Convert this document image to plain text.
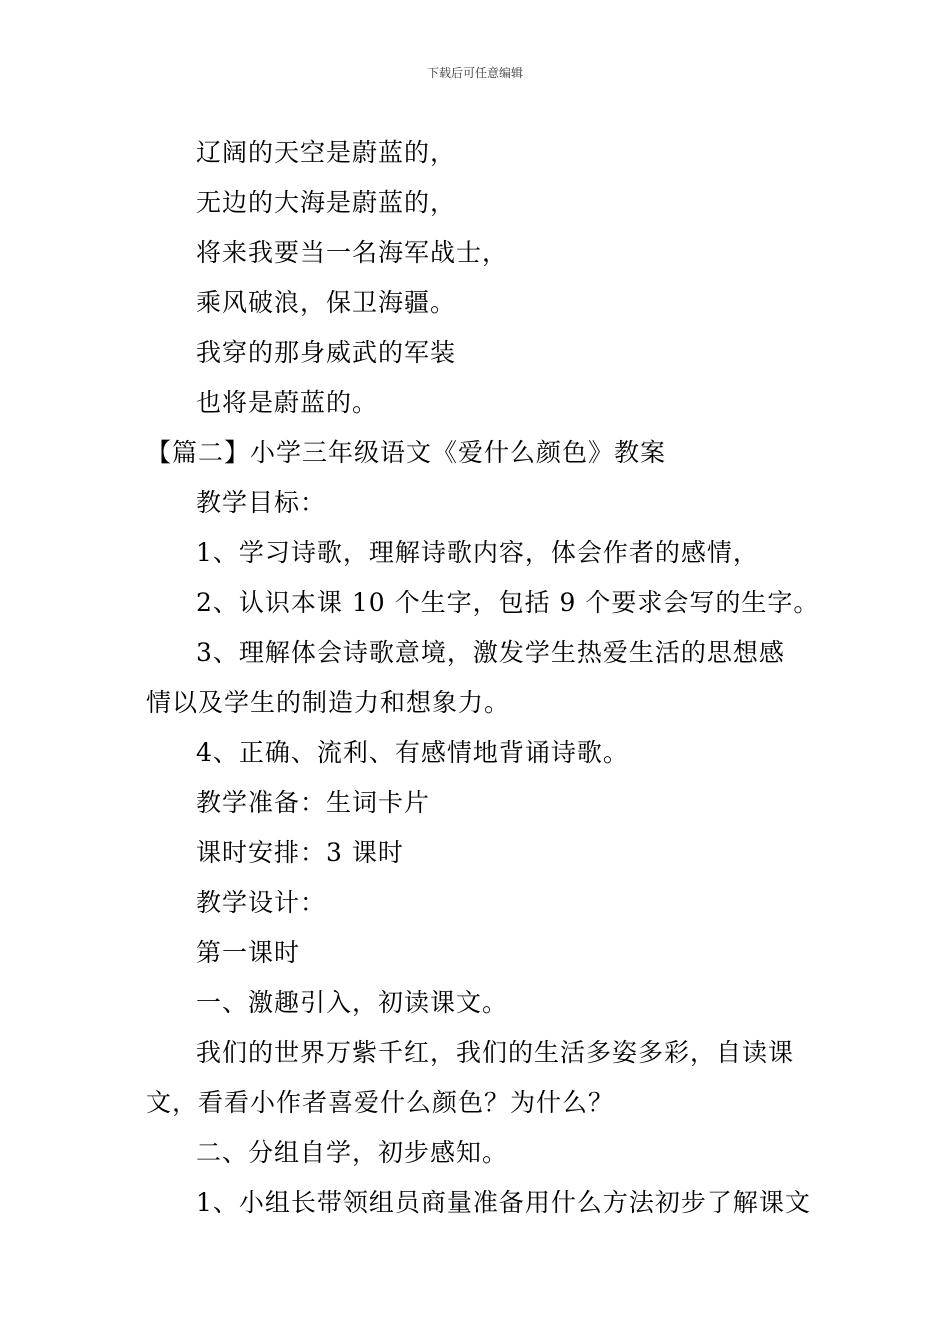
下载后可任意编辑

辽阔的天空是蔚蓝的，

无边的大海是蔚蓝的，

将来我要当一名海军战士，

乘风破浪，保卫海疆。

我穿的那身威武的军装

也将是蔚蓝的。

【篇二】小学三年级语文《爱什么颜色》教案

教学目标：

1、学习诗歌，理解诗歌内容，体会作者的感情，

2、认识本课 10 个生字，包括 9 个要求会写的生字。

3、理解体会诗歌意境，激发学生热爱生活的思想感情以及学生的制造力和想象力。

4、正确、流利、有感情地背诵诗歌。

教学准备：生词卡片

课时安排：3 课时

教学设计：

第一课时

一、激趣引入，初读课文。

我们的世界万紫千红，我们的生活多姿多彩，自读课文，看看小作者喜爱什么颜色？为什么？

二、分组自学，初步感知。

1、小组长带领组员商量准备用什么方法初步了解课文
